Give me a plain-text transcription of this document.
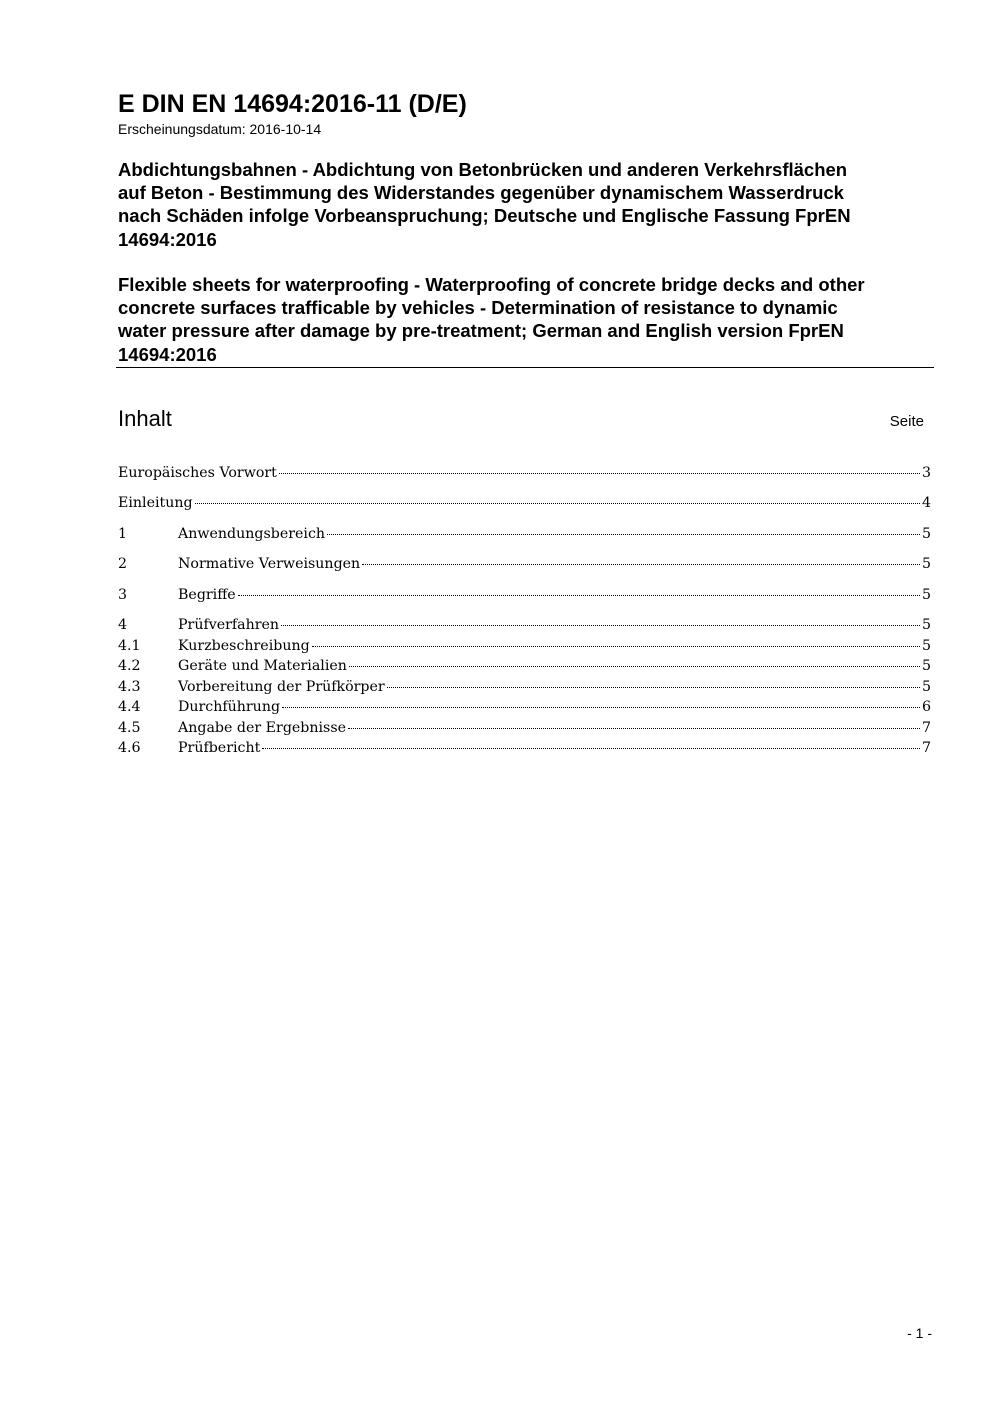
E DIN EN 14694:2016-11 (D/E)
Erscheinungsdatum: 2016-10-14
Abdichtungsbahnen - Abdichtung von Betonbrücken und anderen Verkehrsflächen
auf Beton - Bestimmung des Widerstandes gegenüber dynamischem Wasserdruck
nach Schäden infolge Vorbeanspruchung; Deutsche und Englische Fassung FprEN
14694:2016
Flexible sheets for waterproofing - Waterproofing of concrete bridge decks and other
concrete surfaces trafficable by vehicles - Determination of resistance to dynamic
water pressure after damage by pre-treatment; German and English version FprEN
14694:2016
Inhalt	Seite
Europäisches Vorwort	3
Einleitung	4
1	Anwendungsbereich	5
2	Normative Verweisungen	5
3	Begriffe	5
4	Prüfverfahren	5
4.1	Kurzbeschreibung	5
4.2	Geräte und Materialien	5
4.3	Vorbereitung der Prüfkörper	5
4.4	Durchführung	6
4.5	Angabe der Ergebnisse	7
4.6	Prüfbericht	7
- 1 -
